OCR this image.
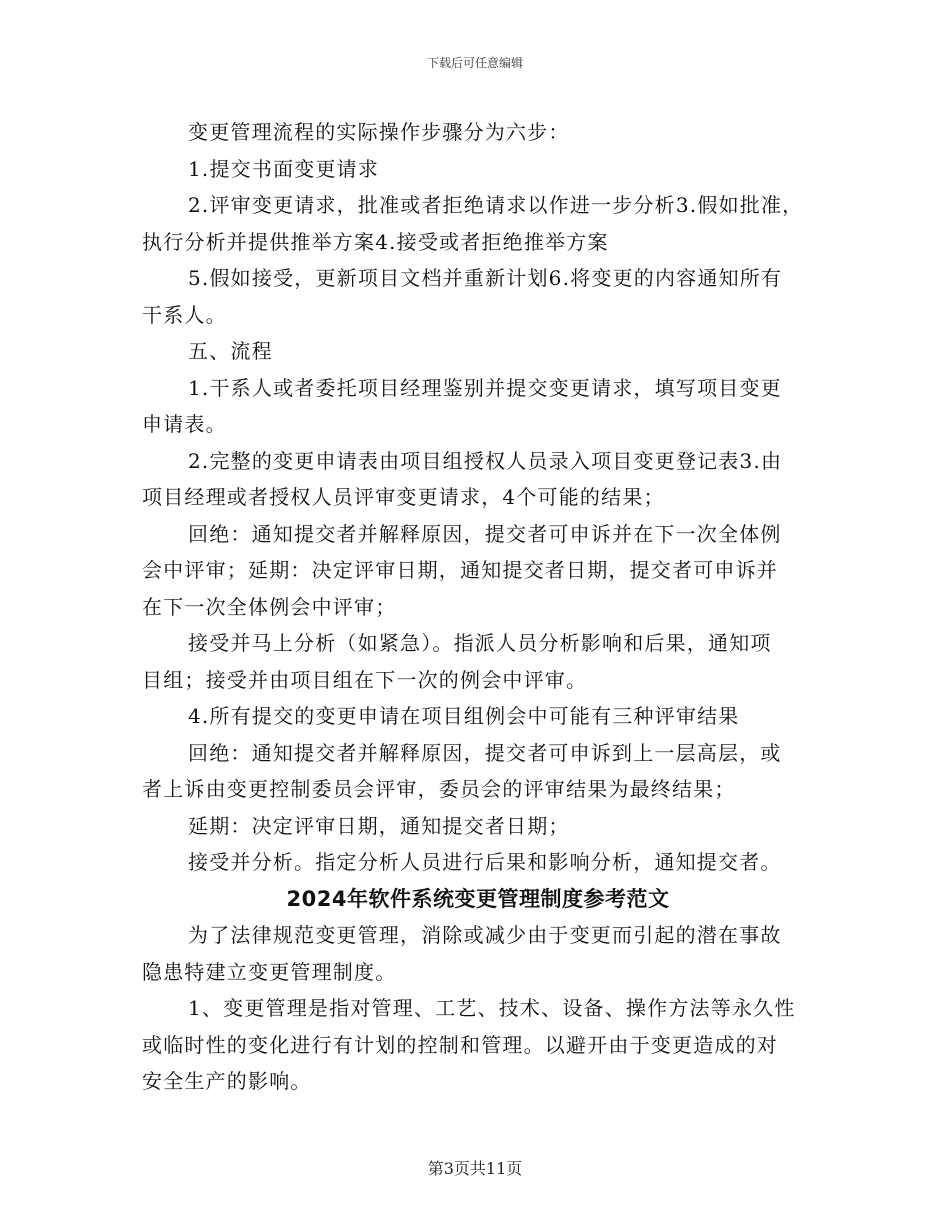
下载后可任意编辑

变更管理流程的实际操作步骤分为六步：

1.提交书面变更请求

2.评审变更请求，批准或者拒绝请求以作进一步分析3.假如批准，

执行分析并提供推举方案4.接受或者拒绝推举方案

5.假如接受，更新项目文档并重新计划6.将变更的内容通知所有

干系人。

五、流程

1.干系人或者委托项目经理鉴别并提交变更请求，填写项目变更

申请表。

2.完整的变更申请表由项目组授权人员录入项目变更登记表3.由

项目经理或者授权人员评审变更请求，4个可能的结果；

回绝：通知提交者并解释原因，提交者可申诉并在下一次全体例

会中评审；延期：决定评审日期，通知提交者日期，提交者可申诉并

在下一次全体例会中评审；

接受并马上分析（如紧急）。指派人员分析影响和后果，通知项

目组；接受并由项目组在下一次的例会中评审。

4.所有提交的变更申请在项目组例会中可能有三种评审结果

回绝：通知提交者并解释原因，提交者可申诉到上一层高层，或

者上诉由变更控制委员会评审，委员会的评审结果为最终结果；

延期：决定评审日期，通知提交者日期；

接受并分析。指定分析人员进行后果和影响分析，通知提交者。

2024年软件系统变更管理制度参考范文

为了法律规范变更管理，消除或减少由于变更而引起的潜在事故

隐患特建立变更管理制度。

1、变更管理是指对管理、工艺、技术、设备、操作方法等永久性

或临时性的变化进行有计划的控制和管理。以避开由于变更造成的对

安全生产的影响。

第3页共11页
